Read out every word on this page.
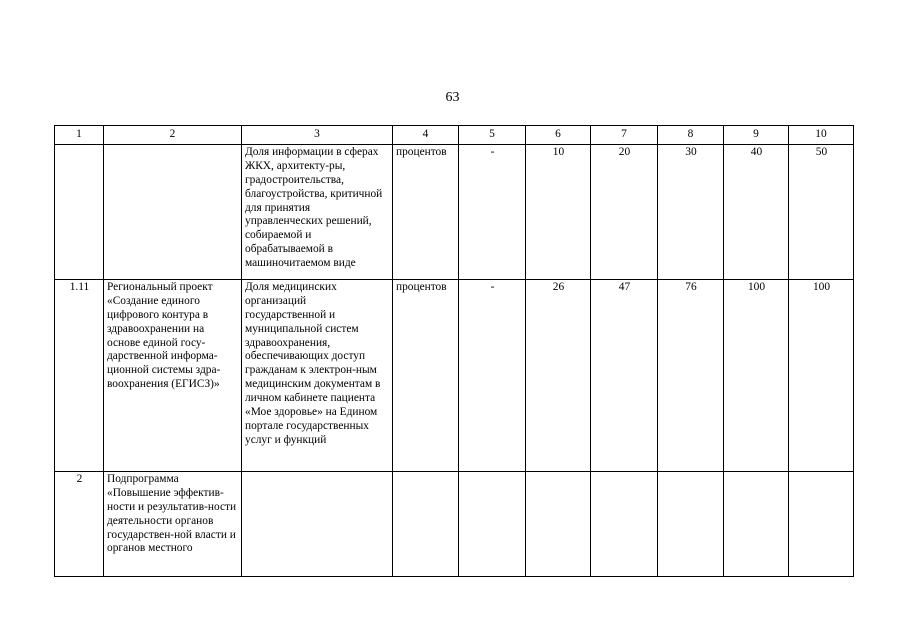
63
1	2	3	4	5	6	7	8	9	10
		Доля информации в сферах ЖКХ, архитекту-ры, градостроительства, благоустройства, критичной для принятия управленческих решений, собираемой и обрабатываемой в машиночитаемом виде	процентов	-	10	20	30	40	50
1.11	Региональный проект «Создание единого цифрового контура в здравоохранении на основе единой госу-дарственной информа-ционной системы здра-воохранения (ЕГИСЗ)»	Доля медицинских организаций государственной и муниципальной систем здравоохранения, обеспечивающих доступ гражданам к электрон-ным медицинским документам в личном кабинете пациента «Мое здоровье» на Едином портале государственных услуг и функций	процентов	-	26	47	76	100	100
2	Подпрограмма «Повышение эффектив-ности и результатив-ности деятельности органов государствен-ной власти и органов местного								
